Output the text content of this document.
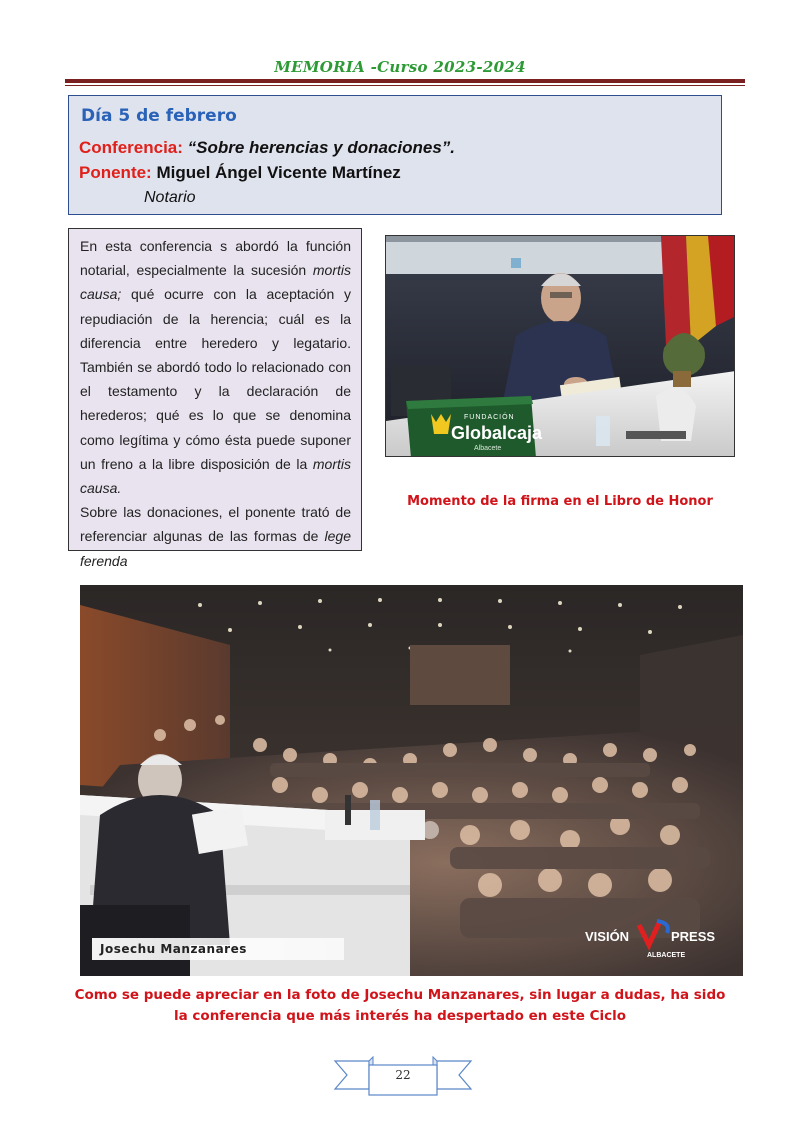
MEMORIA -Curso 2023-2024
Día 5 de febrero
Conferencia: “Sobre herencias y donaciones”.
Ponente: Miguel Ángel Vicente Martínez
Notario

En esta conferencia s abordó la función notarial, especialmente la sucesión mortis causa; qué ocurre con la aceptación y repudiación de la herencia; cuál es la diferencia entre heredero y legatario. También se abordó todo lo relacionado con el testamento y la declaración de herederos; qué es lo que se denomina como legítima y cómo ésta puede suponer un freno a la libre disposición de la mortis causa.

Sobre las donaciones, el ponente trató de referenciar algunas de las formas de lege ferenda

FUNDACIÓN
Globalcaja
Albacete
Momento de la firma en el Libro de Honor
Josechu Manzanares
VISIÓN	PRESS
ALBACETE
Como se puede apreciar en la foto de Josechu Manzanares, sin lugar a dudas, ha sido la conferencia que más interés ha despertado en este Ciclo
22
